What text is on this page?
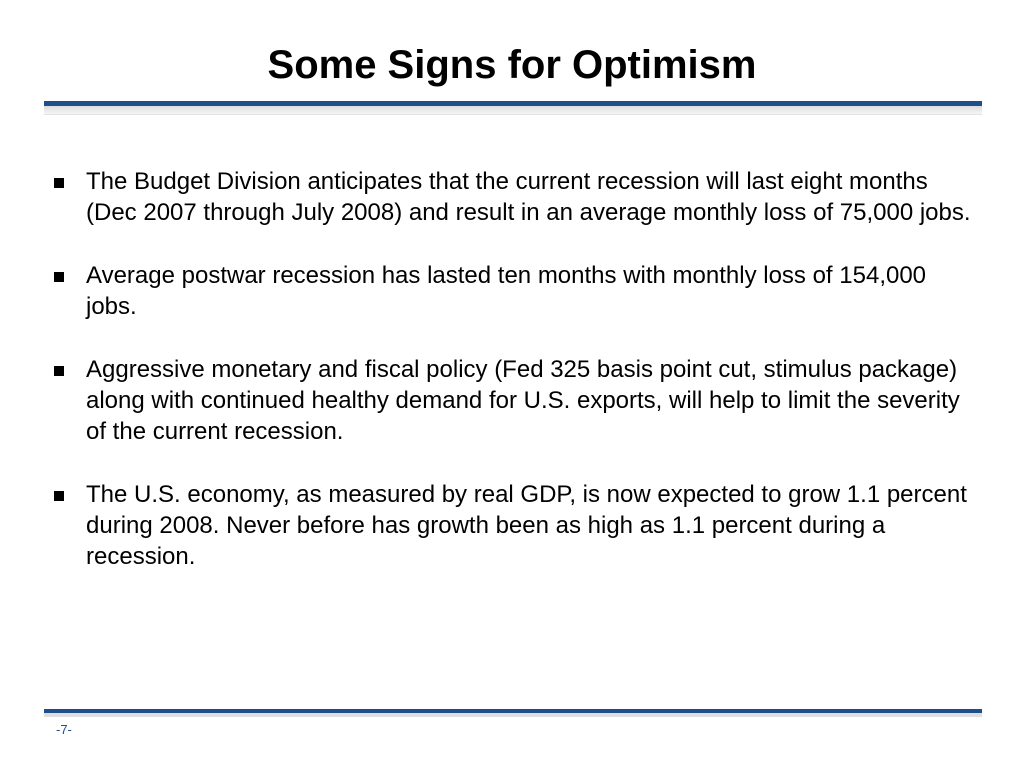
Some Signs for Optimism
The Budget Division anticipates that the current recession will last eight months (Dec 2007 through July 2008) and result in an average monthly loss of 75,000 jobs.
Average postwar recession has lasted ten months with monthly loss of 154,000 jobs.
Aggressive monetary and fiscal policy (Fed 325 basis point cut, stimulus package) along with continued healthy demand for U.S. exports, will help to limit the severity of the current recession.
The U.S. economy, as measured by real GDP, is now expected to grow 1.1 percent during 2008. Never before has growth been as high as 1.1 percent during a recession.
-7-
